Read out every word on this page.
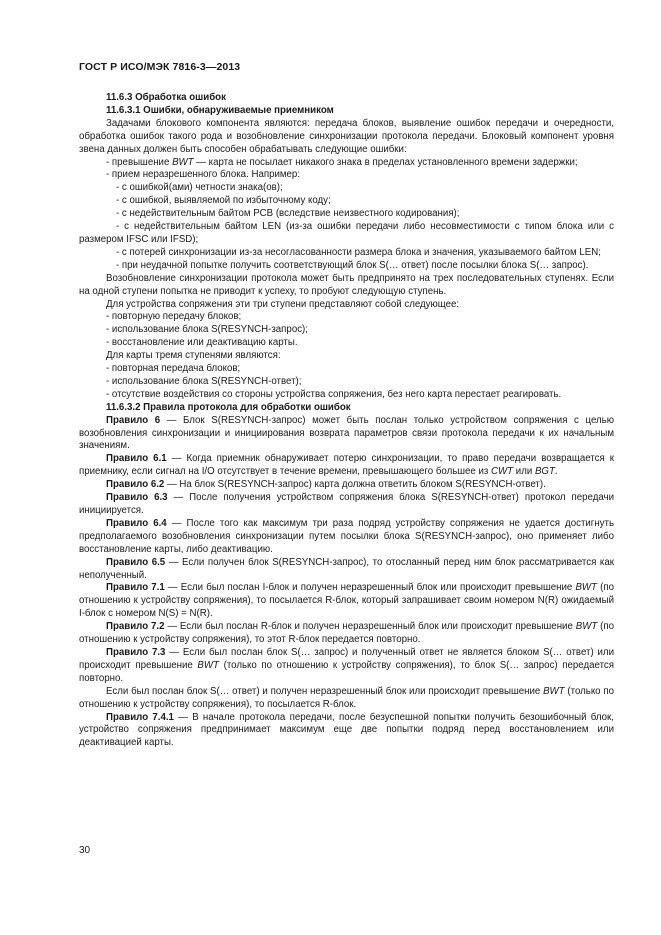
ГОСТ Р ИСО/МЭК 7816-3—2013

11.6.3 Обработка ошибок

11.6.3.1 Ошибки, обнаруживаемые приемником

Задачами блокового компонента являются: передача блоков, выявление ошибок передачи и очередности, обработка ошибок такого рода и возобновление синхронизации протокола передачи. Блоковый компонент уровня звена данных должен быть способен обрабатывать следующие ошибки:

- превышение BWT — карта не посылает никакого знака в пределах установленного времени задержки;

- прием неразрешенного блока. Например:

- с ошибкой(ами) четности знака(ов);

- с ошибкой, выявляемой по избыточному коду;

- с недействительным байтом PCB (вследствие неизвестного кодирования);

- с недействительным байтом LEN (из-за ошибки передачи либо несовместимости с типом блока или с размером IFSC или IFSD);

- с потерей синхронизации из-за несогласованности размера блока и значения, указываемого байтом LEN;

- при неудачной попытке получить соответствующий блок S(… ответ) после посылки блока S(… запрос).

Возобновление синхронизации протокола может быть предпринято на трех последовательных ступенях. Если на одной ступени попытка не приводит к успеху, то пробуют следующую ступень.

Для устройства сопряжения эти три ступени представляют собой следующее:

- повторную передачу блоков;

- использование блока S(RESYNCH-запрос);

- восстановление или деактивацию карты.

Для карты тремя ступенями являются:

- повторная передача блоков;

- использование блока S(RESYNCH-ответ);

- отсутствие воздействия со стороны устройства сопряжения, без него карта перестает реагировать.

11.6.3.2 Правила протокола для обработки ошибок

Правило 6 — Блок S(RESYNCH-запрос) может быть послан только устройством сопряжения с целью возобновления синхронизации и инициирования возврата параметров связи протокола передачи к их начальным значениям.

Правило 6.1 — Когда приемник обнаруживает потерю синхронизации, то право передачи возвращается к приемнику, если сигнал на I/O отсутствует в течение времени, превышающего большее из CWT или BGT.

Правило 6.2 — На блок S(RESYNCH-запрос) карта должна ответить блоком S(RESYNCH-ответ).

Правило 6.3 — После получения устройством сопряжения блока S(RESYNCH-ответ) протокол передачи инициируется.

Правило 6.4 — После того как максимум три раза подряд устройству сопряжения не удается достигнуть предполагаемого возобновления синхронизации путем посылки блока S(RESYNCH-запрос), оно применяет либо восстановление карты, либо деактивацию.

Правило 6.5 — Если получен блок S(RESYNCH-запрос), то отосланный перед ним блок рассматривается как неполученный.

Правило 7.1 — Если был послан I-блок и получен неразрешенный блок или происходит превышение BWT (по отношению к устройству сопряжения), то посылается R-блок, который запрашивает своим номером N(R) ожидаемый I-блок с номером N(S) = N(R).

Правило 7.2 — Если был послан R-блок и получен неразрешенный блок или происходит превышение BWT (по отношению к устройству сопряжения), то этот R-блок передается повторно.

Правило 7.3 — Если был послан блок S(… запрос) и полученный ответ не является блоком S(… ответ) или происходит превышение BWT (только по отношению к устройству сопряжения), то блок S(… запрос) передается повторно.

Если был послан блок S(… ответ) и получен неразрешенный блок или происходит превышение BWT (только по отношению к устройству сопряжения), то посылается R-блок.

Правило 7.4.1 — В начале протокола передачи, после безуспешной попытки получить безошибочный блок, устройство сопряжения предпринимает максимум еще две попытки подряд перед восстановлением или деактивацией карты.

30
